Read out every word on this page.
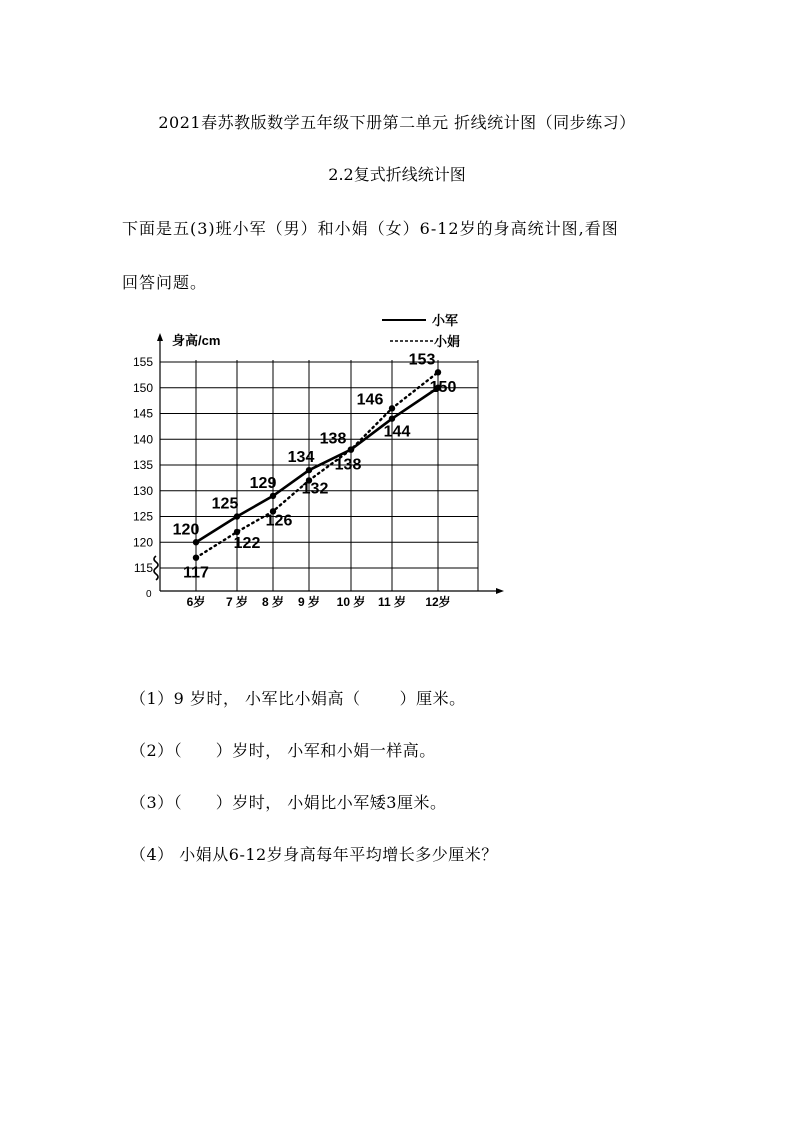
2021春苏教版数学五年级下册第二单元 折线统计图（同步练习）
2.2复式折线统计图
下面是五(3)班小军（男）和小娟（女）6-12岁的身高统计图,看图
回答问题。
身高/cm
115
120
125
130
135
140
145
150
155
0
6岁 7 岁 8 岁 9 岁 10 岁 11 岁 12岁
小军
小娟
120
125
129
134
138 144
150
117
122
126
132
138
146
153
（1）9 岁时， 小军比小娟高（       ）厘米。
（2）（      ）岁时， 小军和小娟一样高。
（3）（      ）岁时， 小娟比小军矮3厘米。
（4） 小娟从6-12岁身高每年平均增长多少厘米？
